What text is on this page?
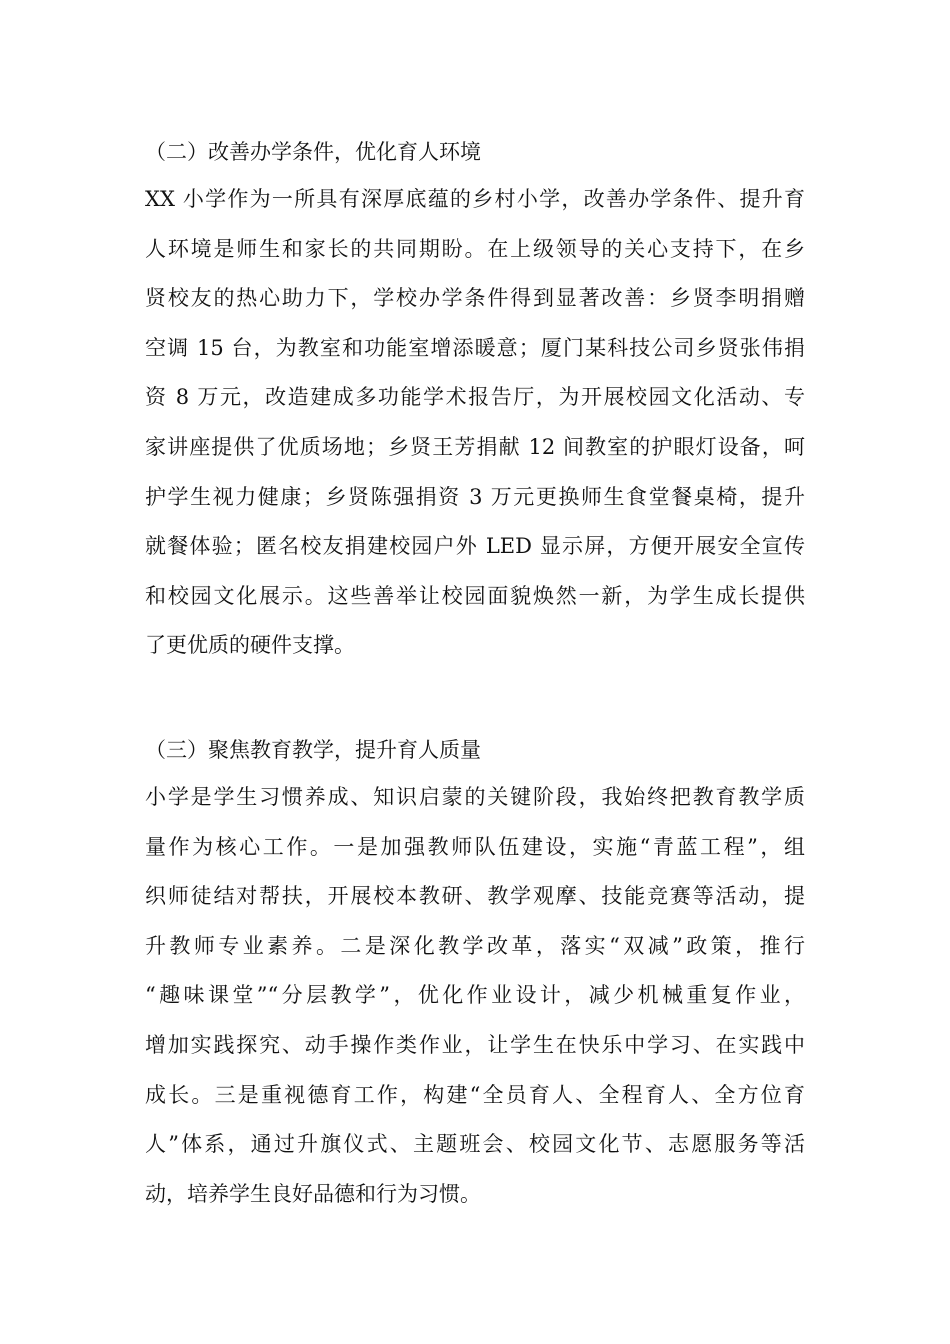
（二）改善办学条件，优化育人环境
XX 小学作为一所具有深厚底蕴的乡村小学，改善办学条件、提升育
人环境是师生和家长的共同期盼。在上级领导的关心支持下，在乡
贤校友的热心助力下，学校办学条件得到显著改善：乡贤李明捐赠
空调 15 台，为教室和功能室增添暖意；厦门某科技公司乡贤张伟捐
资 8 万元，改造建成多功能学术报告厅，为开展校园文化活动、专
家讲座提供了优质场地；乡贤王芳捐献 12 间教室的护眼灯设备，呵
护学生视力健康；乡贤陈强捐资 3 万元更换师生食堂餐桌椅，提升
就餐体验；匿名校友捐建校园户外 LED 显示屏，方便开展安全宣传
和校园文化展示。这些善举让校园面貌焕然一新，为学生成长提供
了更优质的硬件支撑。
（三）聚焦教育教学，提升育人质量
小学是学生习惯养成、知识启蒙的关键阶段，我始终把教育教学质
量作为核心工作。一是加强教师队伍建设，实施“青蓝工程”，组
织师徒结对帮扶，开展校本教研、教学观摩、技能竞赛等活动，提
升教师专业素养。二是深化教学改革，落实“双减”政策，推行
“趣味课堂”“分层教学”，优化作业设计，减少机械重复作业，
增加实践探究、动手操作类作业，让学生在快乐中学习、在实践中
成长。三是重视德育工作，构建“全员育人、全程育人、全方位育
人”体系，通过升旗仪式、主题班会、校园文化节、志愿服务等活
动，培养学生良好品德和行为习惯。
